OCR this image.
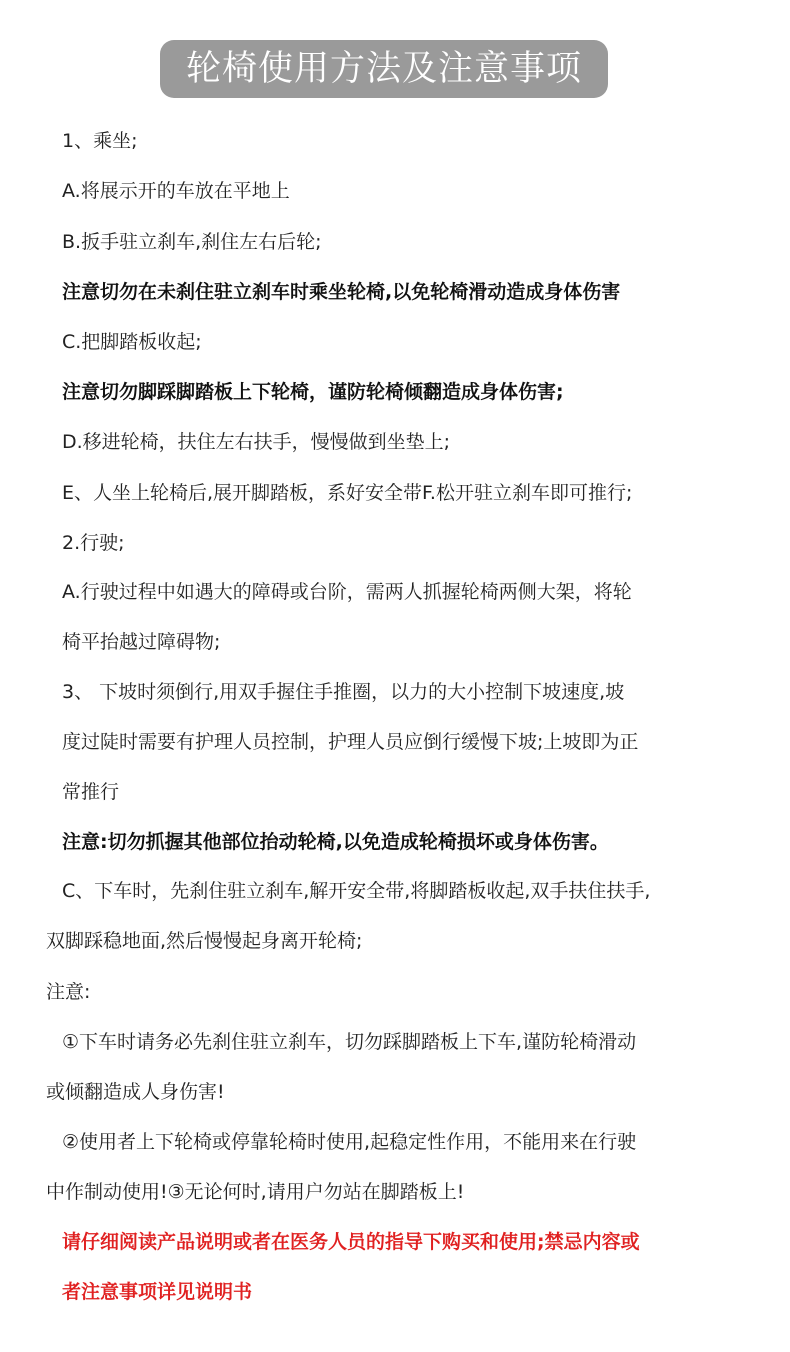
轮椅使用方法及注意事项
1、乘坐;
A.将展示开的车放在平地上
B.扳手驻立刹车,刹住左右后轮;
注意切勿在未刹住驻立刹车时乘坐轮椅,以免轮椅滑动造成身体伤害
C.把脚踏板收起;
注意切勿脚踩脚踏板上下轮椅，谨防轮椅倾翻造成身体伤害;
D.移进轮椅，扶住左右扶手，慢慢做到坐垫上;
E、人坐上轮椅后,展开脚踏板，系好安全带F.松开驻立刹车即可推行;
2.行驶;
A.行驶过程中如遇大的障碍或台阶，需两人抓握轮椅两侧大架，将轮
椅平抬越过障碍物;
3、 下坡时须倒行,用双手握住手推圈，以力的大小控制下坡速度,坡
度过陡时需要有护理人员控制，护理人员应倒行缓慢下坡;上坡即为正
常推行
注意:切勿抓握其他部位抬动轮椅,以免造成轮椅损坏或身体伤害。
C、下车时，先刹住驻立刹车,解开安全带,将脚踏板收起,双手扶住扶手,
双脚踩稳地面,然后慢慢起身离开轮椅;
注意:
①下车时请务必先刹住驻立刹车，切勿踩脚踏板上下车,谨防轮椅滑动
或倾翻造成人身伤害!
②使用者上下轮椅或停靠轮椅时使用,起稳定性作用，不能用来在行驶
中作制动使用!③无论何时,请用户勿站在脚踏板上!
请仔细阅读产品说明或者在医务人员的指导下购买和使用;禁忌内容或
者注意事项详见说明书
